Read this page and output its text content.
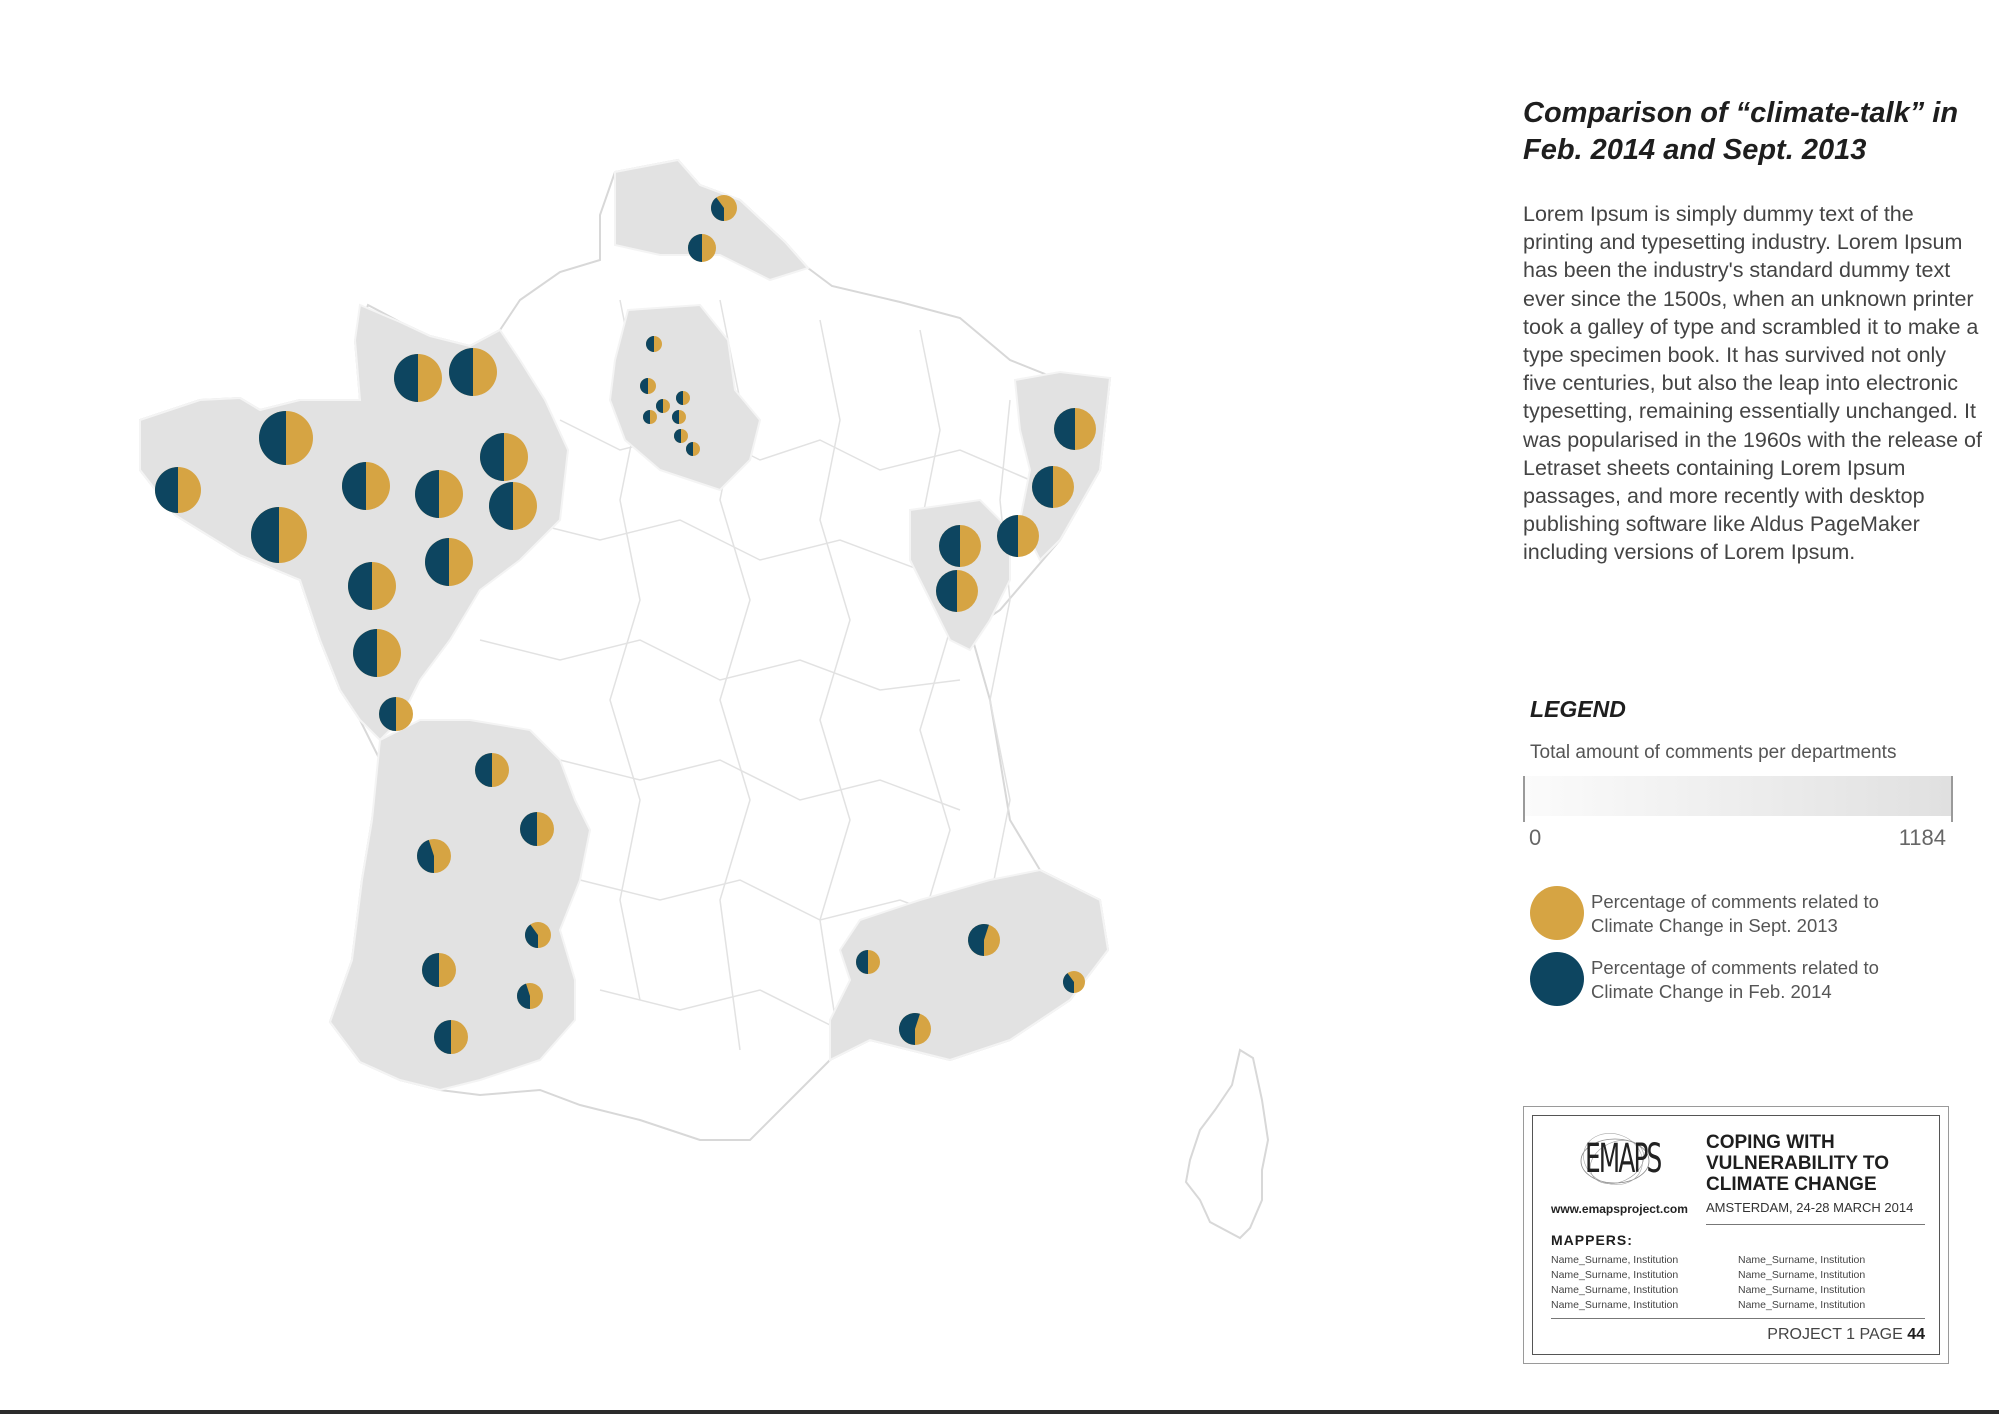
Comparison of “climate-talk” in Feb. 2014 and Sept. 2013

Lorem Ipsum is simply dummy text of the printing and typesetting industry. Lorem Ipsum has been the industry's standard dummy text ever since the 1500s, when an unknown printer took a galley of type and scrambled it to make a type specimen book. It has survived not only five centuries, but also the leap into electronic typesetting, remaining essentially unchanged. It was popularised in the 1960s with the release of Letraset sheets containing Lorem Ipsum passages, and more recently with desktop publishing software like Aldus PageMaker including versions of Lorem Ipsum.

LEGEND
Total amount of comments per departments
0	1184
Percentage of comments related to Climate Change in Sept. 2013
Percentage of comments related to Climate Change in Feb. 2014
EMAPS
www.emapsproject.com
COPING WITH VULNERABILITY TO CLIMATE CHANGE
AMSTERDAM, 24-28 MARCH 2014
MAPPERS:
Name_Surname, Institution
Name_Surname, Institution
Name_Surname, Institution
Name_Surname, Institution
Name_Surname, Institution
Name_Surname, Institution
Name_Surname, Institution
Name_Surname, Institution
PROJECT 1 PAGE 44
